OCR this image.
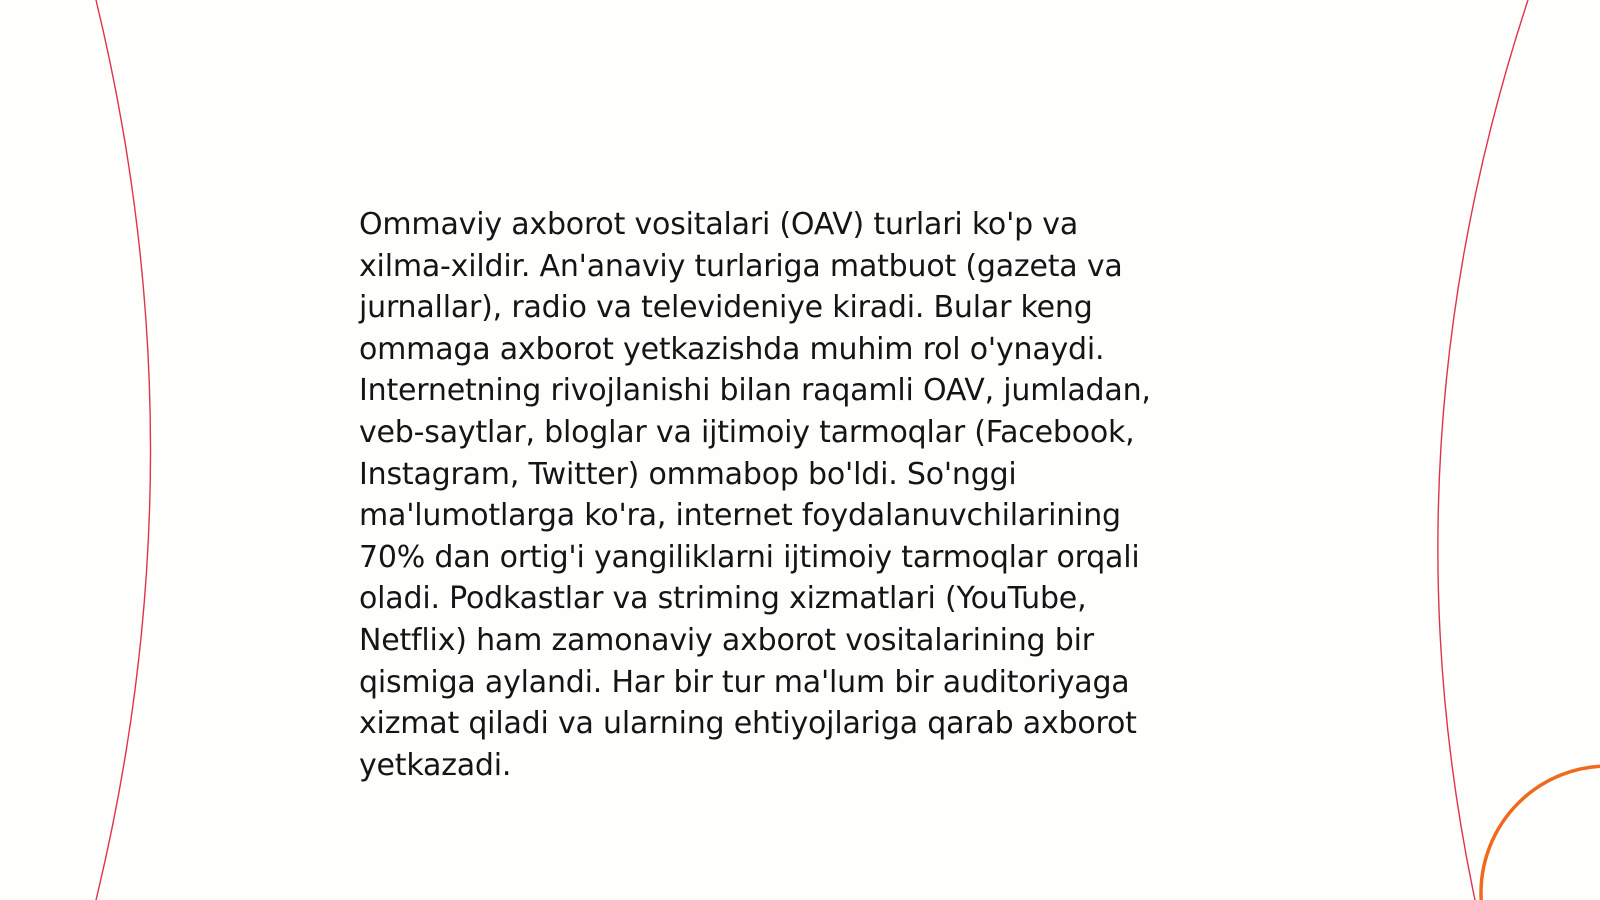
Ommaviy axborot vositalari (OAV) turlari ko'p va
xilma-xildir. An'anaviy turlariga matbuot (gazeta va
jurnallar), radio va televideniye kiradi. Bular keng
ommaga axborot yetkazishda muhim rol o'ynaydi.
Internetning rivojlanishi bilan raqamli OAV, jumladan,
veb-saytlar, bloglar va ijtimoiy tarmoqlar (Facebook,
Instagram, Twitter) ommabop bo'ldi. So'nggi
ma'lumotlarga ko'ra, internet foydalanuvchilarining
70% dan ortig'i yangiliklarni ijtimoiy tarmoqlar orqali
oladi. Podkastlar va striming xizmatlari (YouTube,
Netflix) ham zamonaviy axborot vositalarining bir
qismiga aylandi. Har bir tur ma'lum bir auditoriyaga
xizmat qiladi va ularning ehtiyojlariga qarab axborot
yetkazadi.
